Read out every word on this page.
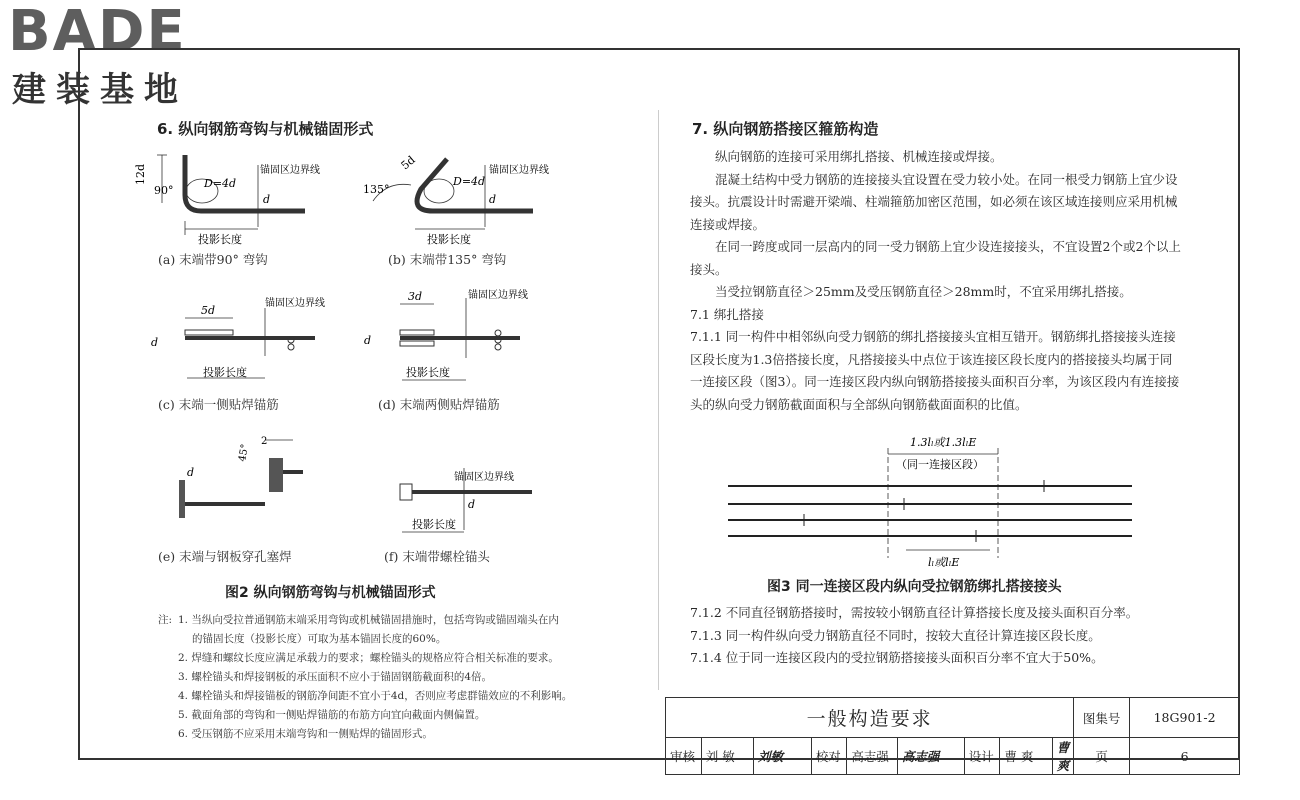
BADE
建装基地
6. 纵向钢筋弯钩与机械锚固形式
12d
90°
D=4d
锚固区边界线
d
投影长度
(a) 末端带90° 弯钩
5d
135°
D=4d
锚固区边界线
d
投影长度
(b) 末端带135° 弯钩
5d
锚固区边界线
d
投影长度
(c) 末端一侧贴焊锚筋
3d	锚固区边界线
d
投影长度
(d) 末端两侧贴焊锚筋
d
45°
2
(e) 末端与钢板穿孔塞焊
锚固区边界线
d
投影长度
(f) 末端带螺栓锚头
图2 纵向钢筋弯钩与机械锚固形式
注: 1. 当纵向受拉普通钢筋末端采用弯钩或机械锚固措施时，包括弯钩或锚固端头在内
的锚固长度（投影长度）可取为基本锚固长度的60%。
2. 焊缝和螺纹长度应满足承载力的要求；螺栓锚头的规格应符合相关标准的要求。
3. 螺栓锚头和焊接钢板的承压面积不应小于锚固钢筋截面积的4倍。
4. 螺栓锚头和焊接锚板的钢筋净间距不宜小于4d，否则应考虑群锚效应的不利影响。
5. 截面角部的弯钩和一侧贴焊锚筋的布筋方向宜向截面内侧偏置。
6. 受压钢筋不应采用末端弯钩和一侧贴焊的锚固形式。
7. 纵向钢筋搭接区箍筋构造

纵向钢筋的连接可采用绑扎搭接、机械连接或焊接。

混凝土结构中受力钢筋的连接接头宜设置在受力较小处。在同一根受力钢筋上宜少设接头。抗震设计时需避开梁端、柱端箍筋加密区范围，如必须在该区域连接则应采用机械连接或焊接。

在同一跨度或同一层高内的同一受力钢筋上宜少设连接接头，不宜设置2个或2个以上接头。

当受拉钢筋直径＞25mm及受压钢筋直径＞28mm时，不宜采用绑扎搭接。

7.1 绑扎搭接

7.1.1 同一构件中相邻纵向受力钢筋的绑扎搭接接头宜相互错开。钢筋绑扎搭接接头连接区段长度为1.3倍搭接长度，凡搭接接头中点位于该连接区段长度内的搭接接头均属于同一连接区段（图3）。同一连接区段内纵向钢筋搭接接头面积百分率，为该区段内有连接接头的纵向受力钢筋截面面积与全部纵向钢筋截面面积的比值。

1.3lₗ或1.3lₗE
（同一连接区段）
lₗ或lₗE
图3 同一连接区段内纵向受拉钢筋绑扎搭接接头

7.1.2 不同直径钢筋搭接时，需按较小钢筋直径计算搭接长度及接头面积百分率。

7.1.3 同一构件纵向受力钢筋直径不同时，按较大直径计算连接区段长度。

7.1.4 位于同一连接区段内的受拉钢筋搭接接头面积百分率不宜大于50%。

一般构造要求									图集号	18G901-2
审核	刘 敏	刘敏	校对	高志强	高志强	设计	曹 爽	曹爽	页	6
